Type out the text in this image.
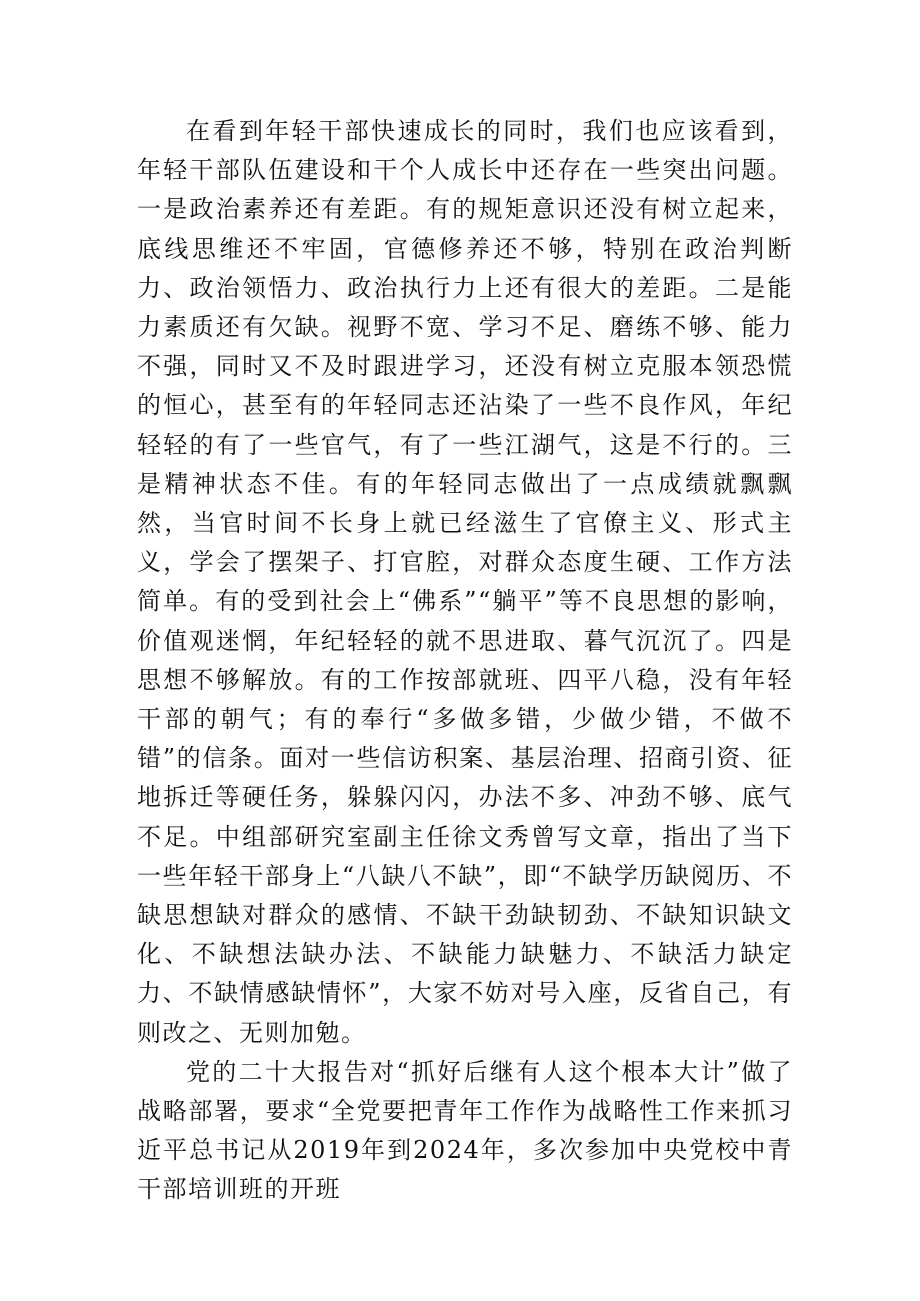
在看到年轻干部快速成长的同时，我们也应该看到，年轻干部队伍建设和干个人成长中还存在一些突出问题。一是政治素养还有差距。有的规矩意识还没有树立起来，底线思维还不牢固，官德修养还不够，特别在政治判断力、政治领悟力、政治执行力上还有很大的差距。二是能力素质还有欠缺。视野不宽、学习不足、磨练不够、能力不强，同时又不及时跟进学习，还没有树立克服本领恐慌的恒心，甚至有的年轻同志还沾染了一些不良作风，年纪轻轻的有了一些官气，有了一些江湖气，这是不行的。三是精神状态不佳。有的年轻同志做出了一点成绩就飘飘然，当官时间不长身上就已经滋生了官僚主义、形式主义，学会了摆架子、打官腔，对群众态度生硬、工作方法简单。有的受到社会上“佛系”“躺平”等不良思想的影响，价值观迷惘，年纪轻轻的就不思进取、暮气沉沉了。四是思想不够解放。有的工作按部就班、四平八稳，没有年轻干部的朝气；有的奉行“多做多错，少做少错，不做不错”的信条。面对一些信访积案、基层治理、招商引资、征地拆迁等硬任务，躲躲闪闪，办法不多、冲劲不够、底气不足。中组部研究室副主任徐文秀曾写文章，指出了当下一些年轻干部身上“八缺八不缺”，即“不缺学历缺阅历、不缺思想缺对群众的感情、不缺干劲缺韧劲、不缺知识缺文化、不缺想法缺办法、不缺能力缺魅力、不缺活力缺定力、不缺情感缺情怀”，大家不妨对号入座，反省自己，有则改之、无则加勉。

党的二十大报告对“抓好后继有人这个根本大计”做了战略部署，要求“全党要把青年工作作为战略性工作来抓习近平总书记从2019年到2024年，多次参加中央党校中青干部培训班的开班
